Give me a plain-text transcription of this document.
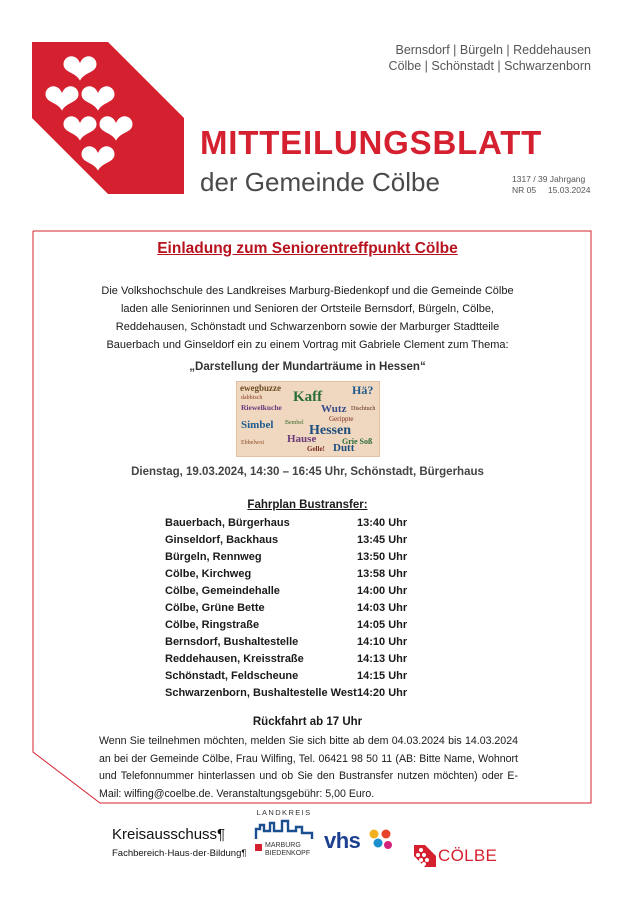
Bernsdorf | Bürgeln | Reddehausen
Cölbe | Schönstadt | Schwarzenborn
MITTEILUNGSBLATT
der Gemeinde Cölbe	1317 / 39 Jahrgang
NR 05     15.03.2024
Einladung zum Seniorentreffpunkt Cölbe
Die Volkshochschule des Landkreises Marburg-Biedenkopf und die Gemeinde Cölbe laden alle Seniorinnen und Senioren der Ortsteile Bernsdorf, Bürgeln, Cölbe, Reddehausen, Schönstadt und Schwarzenborn sowie der Marburger Stadtteile Bauerbach und Ginseldorf ein zu einem Vortrag mit Gabriele Clement zum Thema:
„Darstellung der Mundarträume in Hessen“
ewegbuzze	Hä?
Kaff
dabbisch
Riewelkuche	Wutz Dischtuch
Gerippte
Hessen
Simbel Bembel
Grie Soß
Hause
Ebbelwoi	Dutt
Gelle!
Dienstag, 19.03.2024, 14:30 – 16:45 Uhr, Schönstadt, Bürgerhaus
Fahrplan Bustransfer:
Bauerbach, Bürgerhaus	13:40 Uhr
Ginseldorf, Backhaus	13:45 Uhr
Bürgeln, Rennweg	13:50 Uhr
Cölbe, Kirchweg	13:58 Uhr
Cölbe, Gemeindehalle	14:00 Uhr
Cölbe, Grüne Bette	14:03 Uhr
Cölbe, Ringstraße	14:05 Uhr
Bernsdorf, Bushaltestelle	14:10 Uhr
Reddehausen, Kreisstraße	14:13 Uhr
Schönstadt, Feldscheune	14:15 Uhr
Schwarzenborn, Bushaltestelle West 14:20 Uhr
Rückfahrt ab 17 Uhr
Wenn Sie teilnehmen möchten, melden Sie sich bitte ab dem 04.03.2024 bis 14.03.2024 an bei der Gemeinde Cölbe, Frau Wilfing, Tel. 06421 98 50 11 (AB: Bitte Name, Wohnort und Telefonnummer hinterlassen und ob Sie den Bustransfer nutzen möchten) oder E-Mail: wilfing@coelbe.de. Veranstaltungsgebühr: 5,00 Euro.
Kreisausschuss¶
Fachbereich·Haus·der·Bildung¶
LANDKREIS
MARBURG
BIEDENKOPF
vhs
CÖLBE
